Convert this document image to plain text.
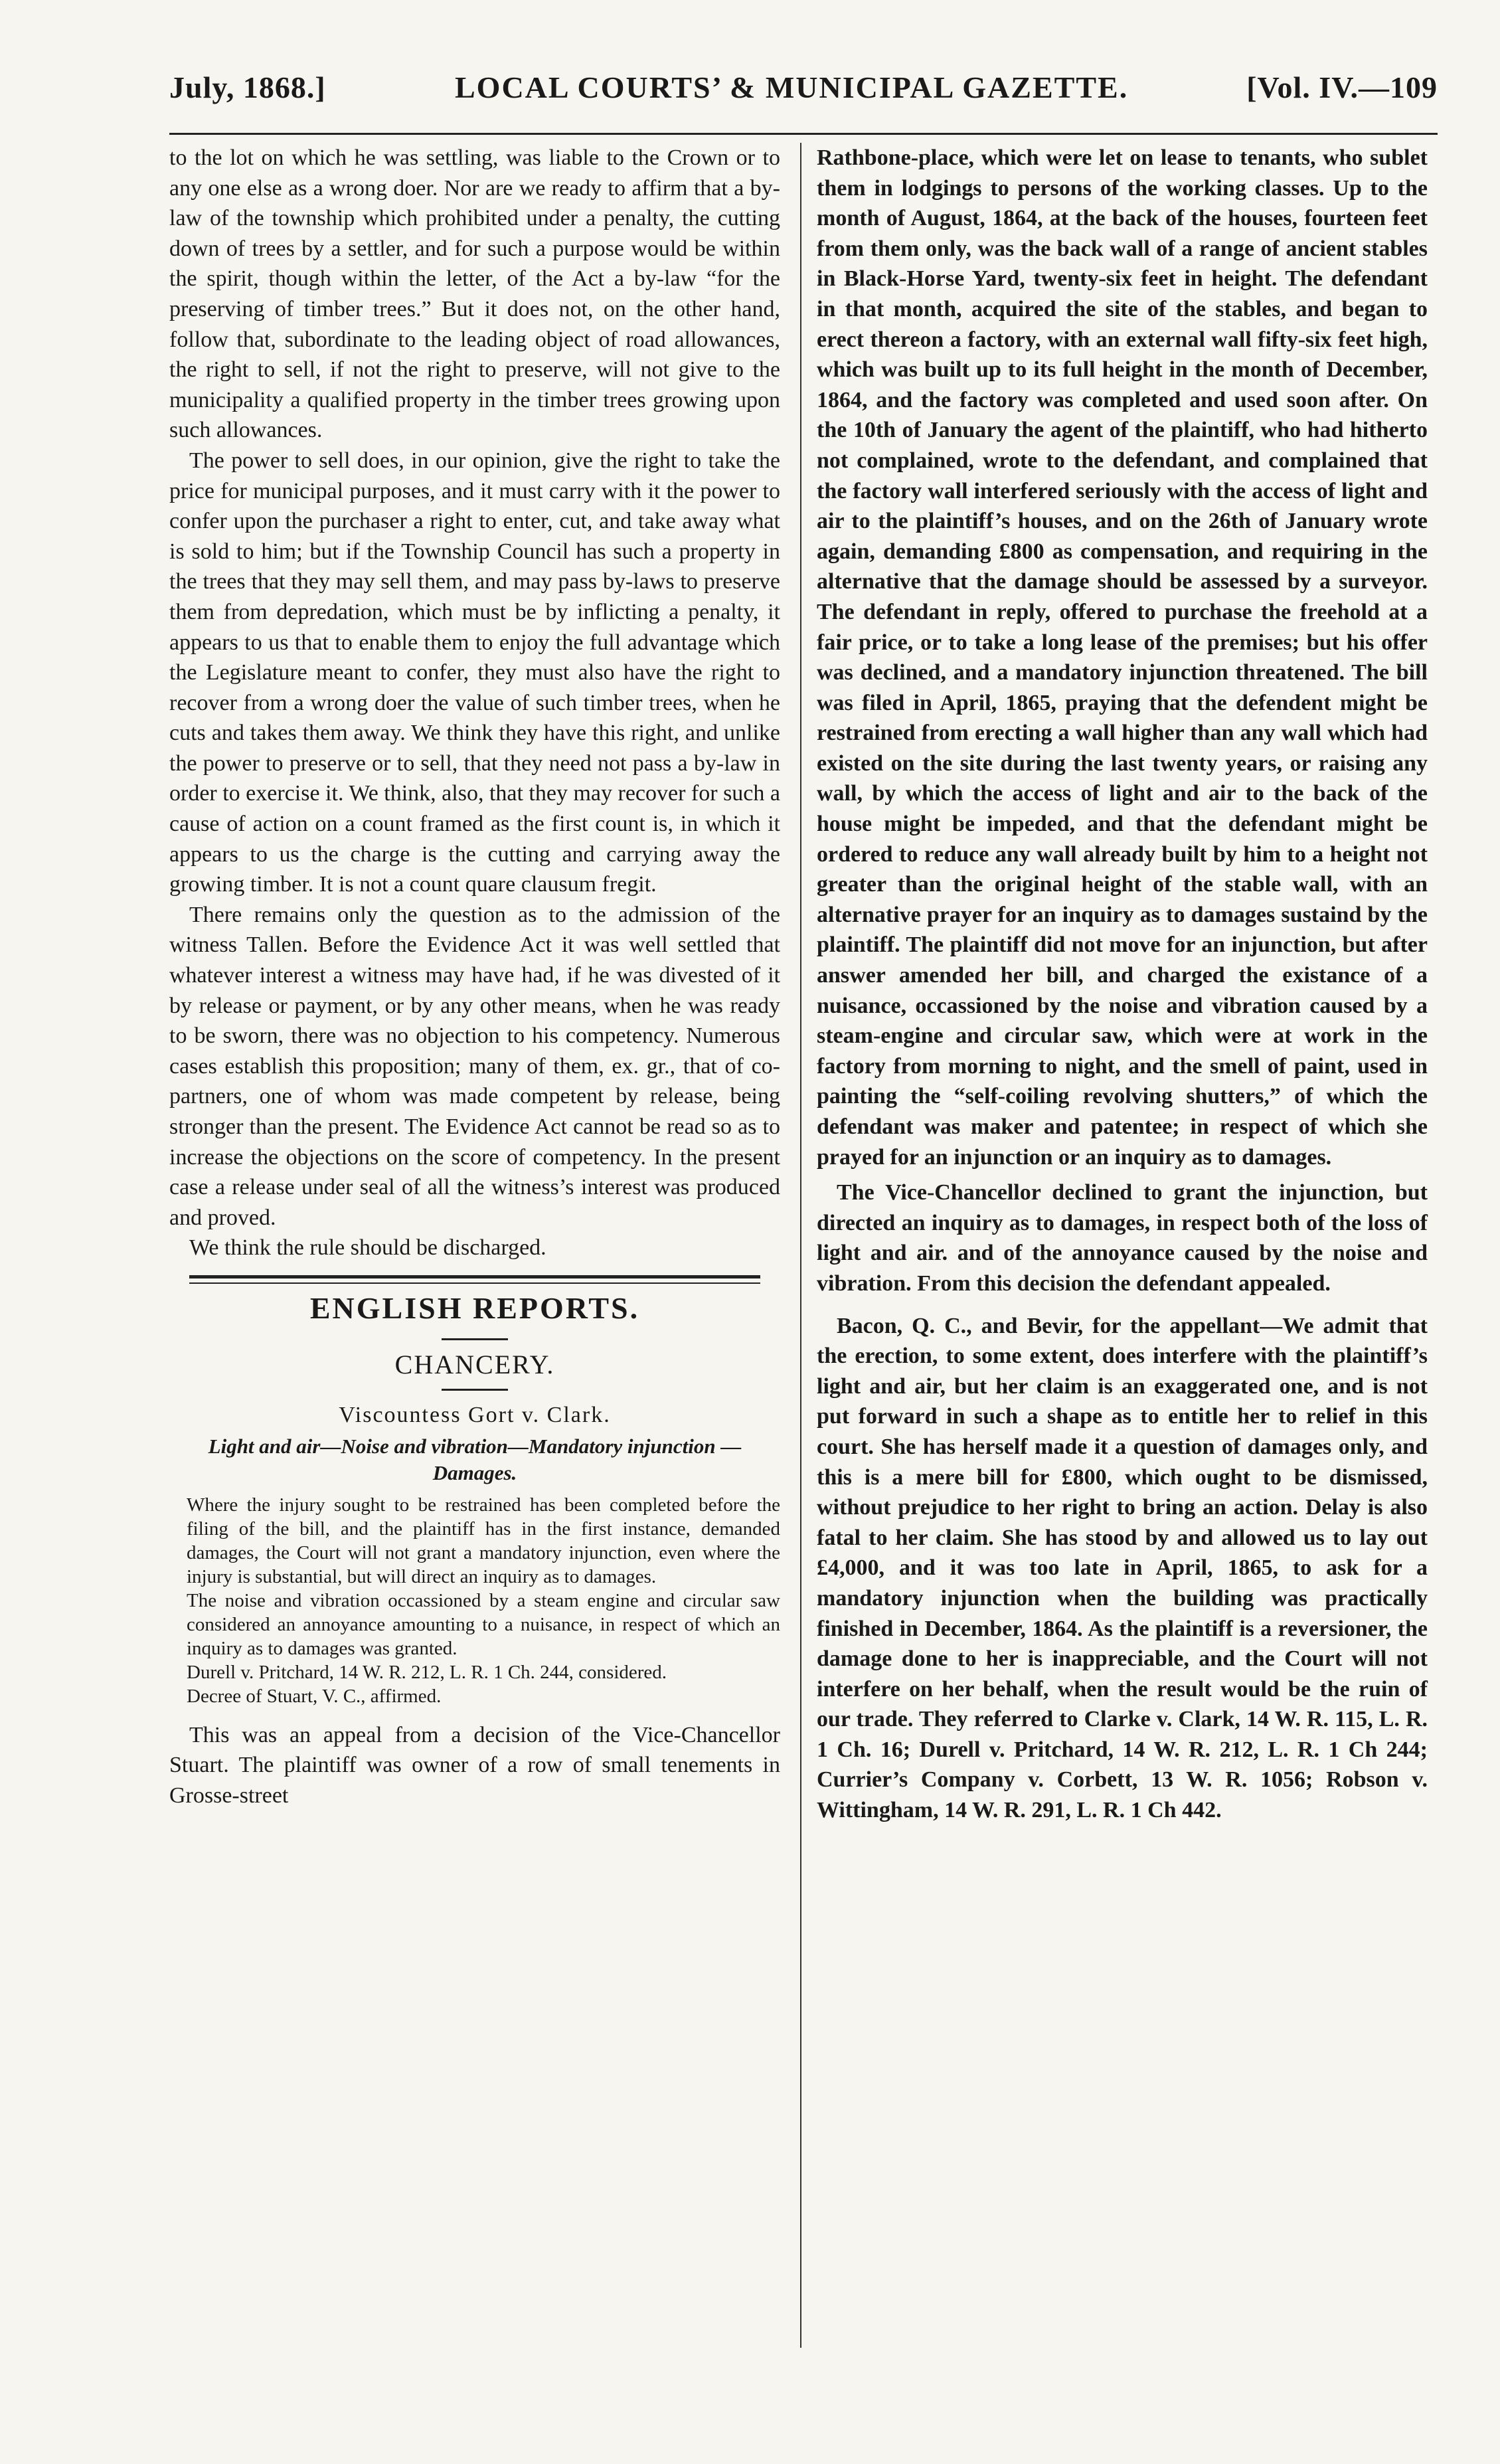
July, 1868.]	LOCAL COURTS’ & MUNICIPAL GAZETTE.	[Vol. IV.—109

to the lot on which he was settling, was liable to the Crown or to any one else as a wrong doer. Nor are we ready to affirm that a by-law of the township which prohibited under a penalty, the cutting down of trees by a settler, and for such a purpose would be within the spirit, though within the letter, of the Act a by-law “for the preserving of timber trees.” But it does not, on the other hand, follow that, subordinate to the leading object of road allowances, the right to sell, if not the right to preserve, will not give to the municipality a qualified property in the timber trees growing upon such allowances.

The power to sell does, in our opinion, give the right to take the price for municipal purposes, and it must carry with it the power to confer upon the purchaser a right to enter, cut, and take away what is sold to him; but if the Township Council has such a property in the trees that they may sell them, and may pass by-laws to preserve them from depredation, which must be by inflicting a penalty, it appears to us that to enable them to enjoy the full advantage which the Legislature meant to confer, they must also have the right to recover from a wrong doer the value of such timber trees, when he cuts and takes them away. We think they have this right, and unlike the power to preserve or to sell, that they need not pass a by-law in order to exercise it. We think, also, that they may recover for such a cause of action on a count framed as the first count is, in which it appears to us the charge is the cutting and carrying away the growing timber. It is not a count quare clausum fregit.

There remains only the question as to the admission of the witness Tallen. Before the Evidence Act it was well settled that whatever interest a witness may have had, if he was divested of it by release or payment, or by any other means, when he was ready to be sworn, there was no objection to his competency. Numerous cases establish this proposition; many of them, ex. gr., that of co-partners, one of whom was made competent by release, being stronger than the present. The Evidence Act cannot be read so as to increase the objections on the score of competency. In the present case a release under seal of all the witness’s interest was produced and proved.

We think the rule should be discharged.

ENGLISH REPORTS.
CHANCERY.
Viscountess Gort v. Clark.
Light and air—Noise and vibration—Mandatory injunction —Damages.

Where the injury sought to be restrained has been completed before the filing of the bill, and the plaintiff has in the first instance, demanded damages, the Court will not grant a mandatory injunction, even where the injury is substantial, but will direct an inquiry as to damages.

The noise and vibration occassioned by a steam engine and circular saw considered an annoyance amounting to a nuisance, in respect of which an inquiry as to damages was granted.

Durell v. Pritchard, 14 W. R. 212, L. R. 1 Ch. 244, considered.

Decree of Stuart, V. C., affirmed.

This was an appeal from a decision of the Vice-Chancellor Stuart. The plaintiff was owner of a row of small tenements in Grosse-street

Rathbone-place, which were let on lease to tenants, who sublet them in lodgings to persons of the working classes. Up to the month of August, 1864, at the back of the houses, fourteen feet from them only, was the back wall of a range of ancient stables in Black-Horse Yard, twenty-six feet in height. The defendant in that month, acquired the site of the stables, and began to erect thereon a factory, with an external wall fifty-six feet high, which was built up to its full height in the month of December, 1864, and the factory was completed and used soon after. On the 10th of January the agent of the plaintiff, who had hitherto not complained, wrote to the defendant, and complained that the factory wall interfered seriously with the access of light and air to the plaintiff’s houses, and on the 26th of January wrote again, demanding £800 as compensation, and requiring in the alternative that the damage should be assessed by a surveyor. The defendant in reply, offered to purchase the freehold at a fair price, or to take a long lease of the premises; but his offer was declined, and a mandatory injunction threatened. The bill was filed in April, 1865, praying that the defendent might be restrained from erecting a wall higher than any wall which had existed on the site during the last twenty years, or raising any wall, by which the access of light and air to the back of the house might be impeded, and that the defendant might be ordered to reduce any wall already built by him to a height not greater than the original height of the stable wall, with an alternative prayer for an inquiry as to damages sustaind by the plaintiff. The plaintiff did not move for an injunction, but after answer amended her bill, and charged the existance of a nuisance, occassioned by the noise and vibration caused by a steam-engine and circular saw, which were at work in the factory from morning to night, and the smell of paint, used in painting the “self-coiling revolving shutters,” of which the defendant was maker and patentee; in respect of which she prayed for an injunction or an inquiry as to damages.

The Vice-Chancellor declined to grant the injunction, but directed an inquiry as to damages, in respect both of the loss of light and air. and of the annoyance caused by the noise and vibration. From this decision the defendant appealed.

Bacon, Q. C., and Bevir, for the appellant—We admit that the erection, to some extent, does interfere with the plaintiff’s light and air, but her claim is an exaggerated one, and is not put forward in such a shape as to entitle her to relief in this court. She has herself made it a question of damages only, and this is a mere bill for £800, which ought to be dismissed, without prejudice to her right to bring an action. Delay is also fatal to her claim. She has stood by and allowed us to lay out £4,000, and it was too late in April, 1865, to ask for a mandatory injunction when the building was practically finished in December, 1864. As the plaintiff is a reversioner, the damage done to her is inappreciable, and the Court will not interfere on her behalf, when the result would be the ruin of our trade. They referred to Clarke v. Clark, 14 W. R. 115, L. R. 1 Ch. 16; Durell v. Pritchard, 14 W. R. 212, L. R. 1 Ch 244; Currier’s Company v. Corbett, 13 W. R. 1056; Robson v. Wittingham, 14 W. R. 291, L. R. 1 Ch 442.
